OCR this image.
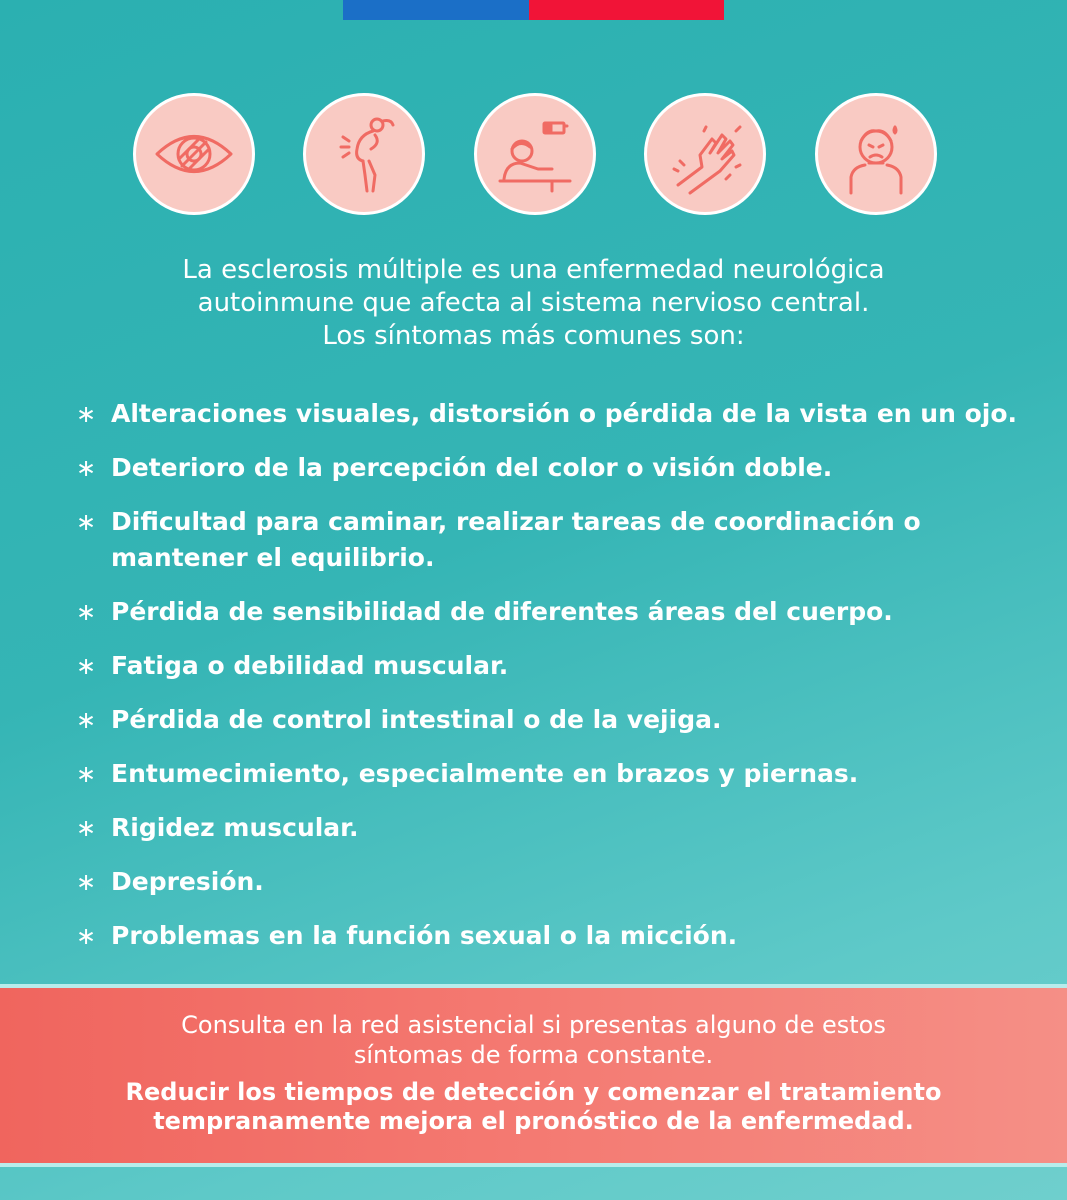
La esclerosis múltiple es una enfermedad neurológica
autoinmune que afecta al sistema nervioso central.
Los síntomas más comunes son:
∗ Alteraciones visuales, distorsión o pérdida de la vista en un ojo.
∗ Deterioro de la percepción del color o visión doble.
∗ Dificultad para caminar, realizar tareas de coordinación o
mantener el equilibrio.
∗ Pérdida de sensibilidad de diferentes áreas del cuerpo.
∗ Fatiga o debilidad muscular.
∗ Pérdida de control intestinal o de la vejiga.
∗ Entumecimiento, especialmente en brazos y piernas.
∗ Rigidez muscular.
∗ Depresión.
∗ Problemas en la función sexual o la micción.
Consulta en la red asistencial si presentas alguno de estos
síntomas de forma constante.
Reducir los tiempos de detección y comenzar el tratamiento
tempranamente mejora el pronóstico de la enfermedad.
